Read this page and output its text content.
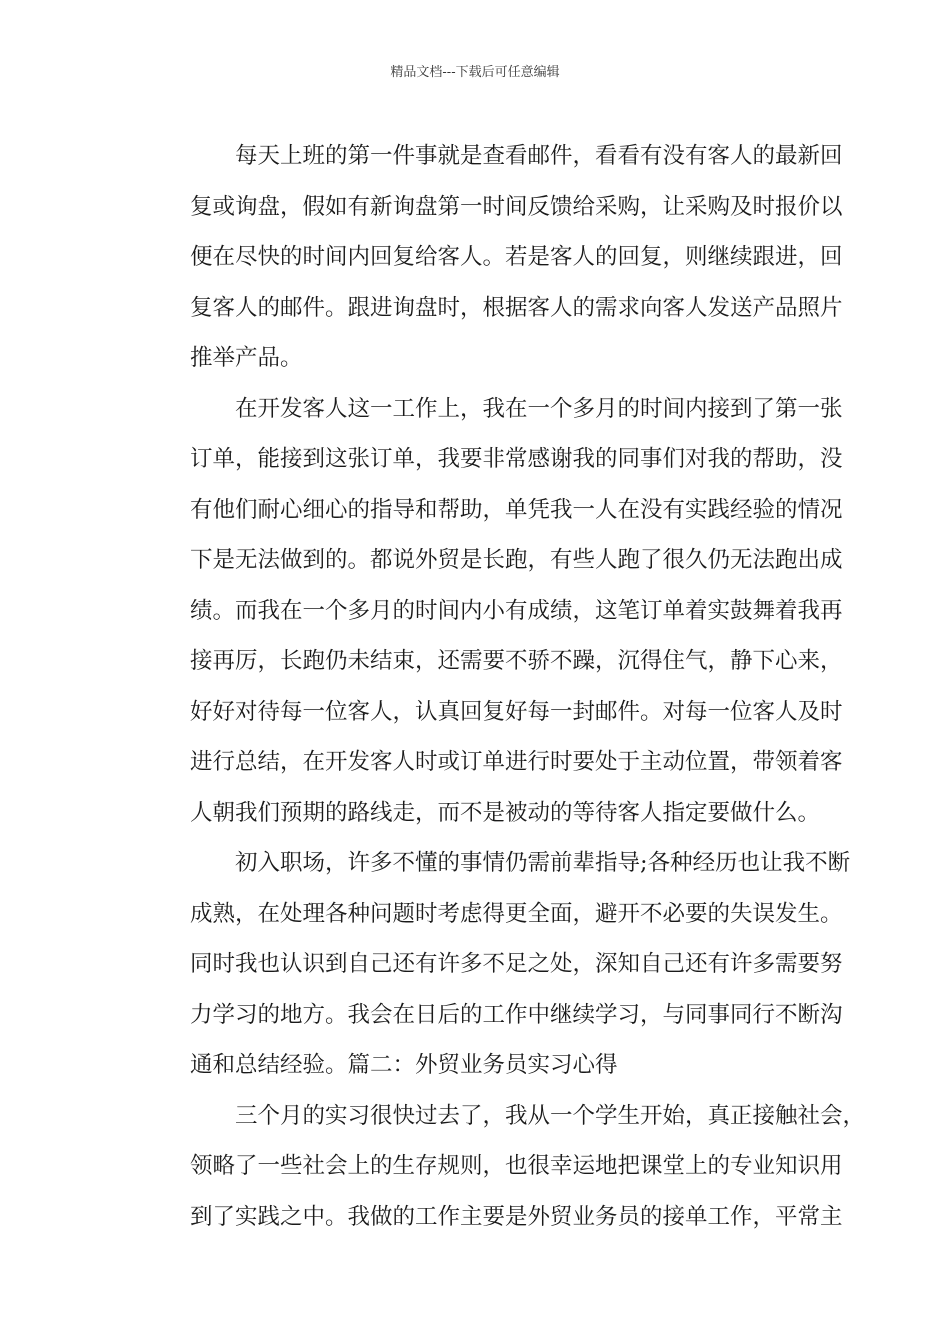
精品文档---下载后可任意编辑
每天上班的第一件事就是查看邮件，看看有没有客人的最新回
复或询盘，假如有新询盘第一时间反馈给采购，让采购及时报价以
便在尽快的时间内回复给客人。若是客人的回复，则继续跟进，回
复客人的邮件。跟进询盘时，根据客人的需求向客人发送产品照片
推举产品。
在开发客人这一工作上，我在一个多月的时间内接到了第一张
订单，能接到这张订单，我要非常感谢我的同事们对我的帮助，没
有他们耐心细心的指导和帮助，单凭我一人在没有实践经验的情况
下是无法做到的。都说外贸是长跑，有些人跑了很久仍无法跑出成
绩。而我在一个多月的时间内小有成绩，这笔订单着实鼓舞着我再
接再厉，长跑仍未结束，还需要不骄不躁，沉得住气，静下心来，
好好对待每一位客人，认真回复好每一封邮件。对每一位客人及时
进行总结，在开发客人时或订单进行时要处于主动位置，带领着客
人朝我们预期的路线走，而不是被动的等待客人指定要做什么。
初入职场，许多不懂的事情仍需前辈指导;各种经历也让我不断
成熟，在处理各种问题时考虑得更全面，避开不必要的失误发生。
同时我也认识到自己还有许多不足之处，深知自己还有许多需要努
力学习的地方。我会在日后的工作中继续学习，与同事同行不断沟
通和总结经验。篇二：外贸业务员实习心得
三个月的实习很快过去了，我从一个学生开始，真正接触社会，
领略了一些社会上的生存规则，也很幸运地把课堂上的专业知识用
到了实践之中。我做的工作主要是外贸业务员的接单工作，平常主
